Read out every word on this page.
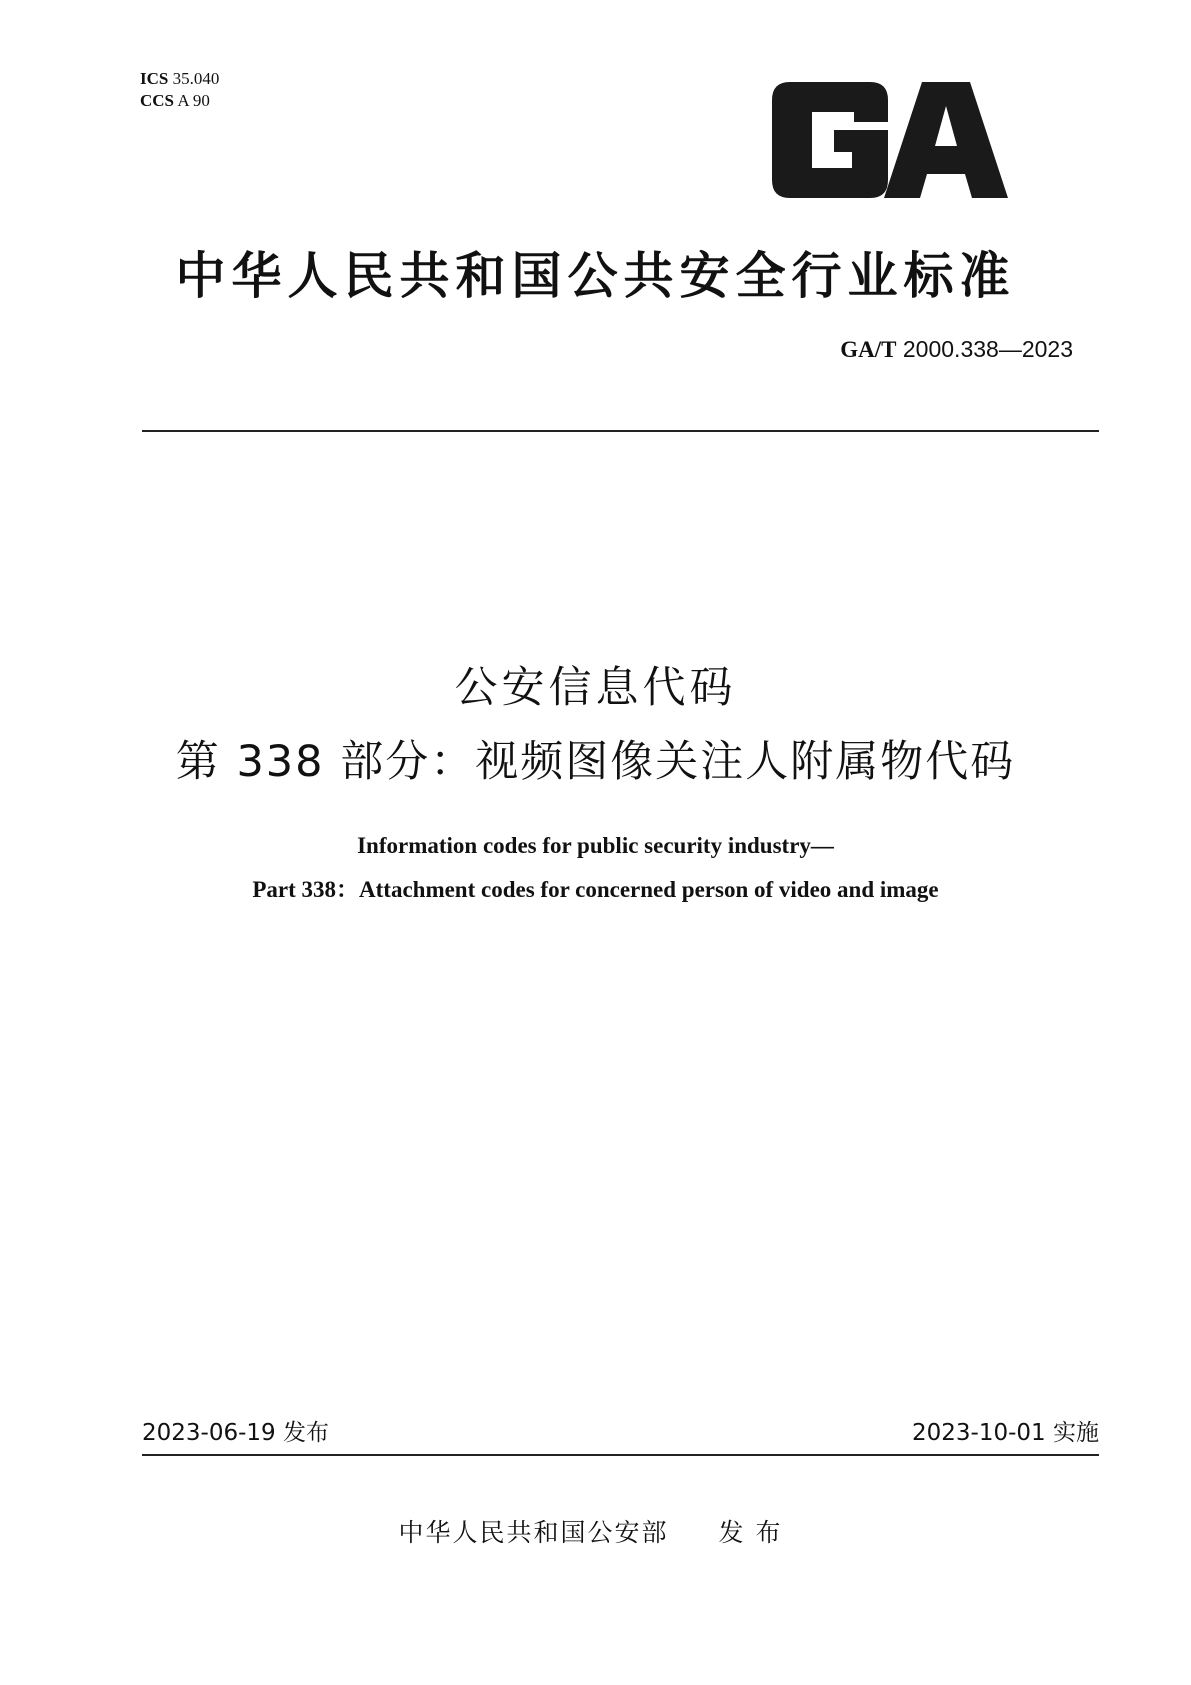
ICS 35.040
CCS A 90
中华人民共和国公共安全行业标准
GA/T 2000.338—2023
公安信息代码
第 338 部分：视频图像关注人附属物代码
Information codes for public security industry—
Part 338：Attachment codes for concerned person of video and image
2023-06-19 发布	2023-10-01 实施
中华人民共和国公安部 发布
